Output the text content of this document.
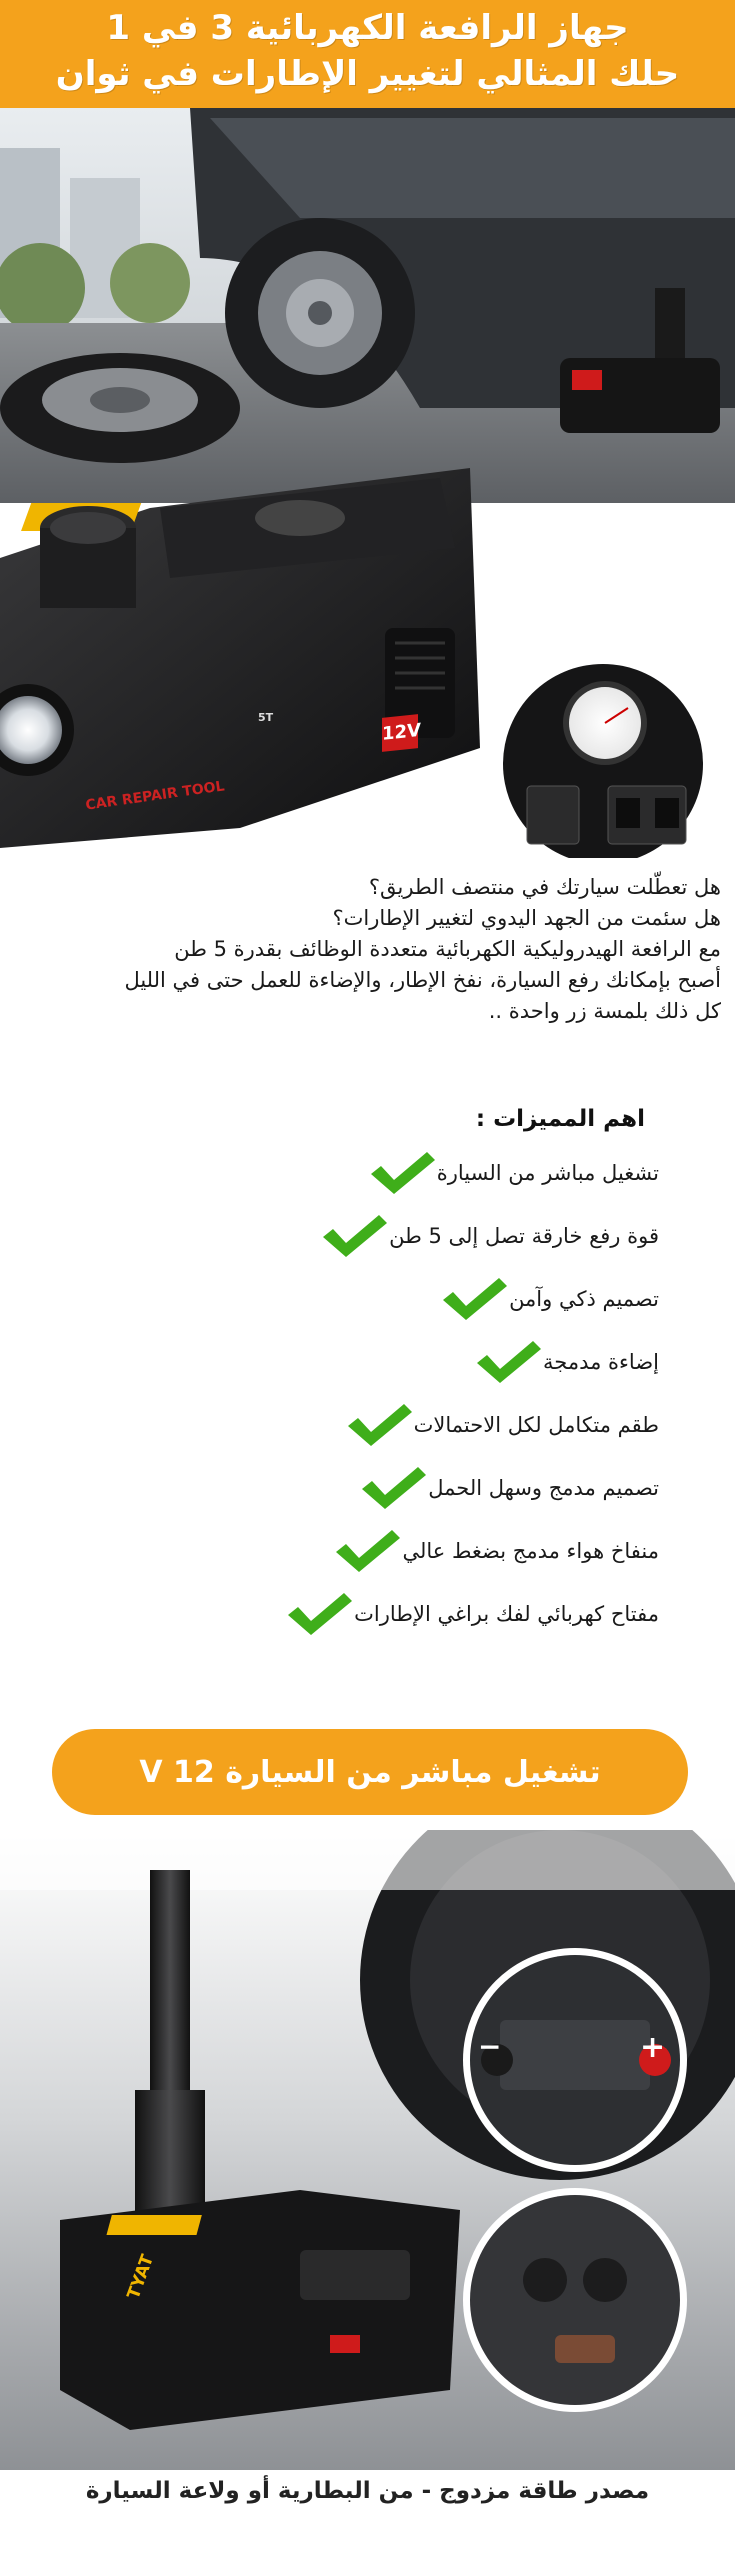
جهاز الرافعة الكهربائية 3 في 1
حلك المثالي لتغيير الإطارات في ثوان
12V
CAR REPAIR TOOL
5T

هل تعطّلت سيارتك في منتصف الطريق؟

هل سئمت من الجهد اليدوي لتغيير الإطارات؟

مع الرافعة الهيدروليكية الكهربائية متعددة الوظائف بقدرة 5 طن

أصبح بإمكانك رفع السيارة، نفخ الإطار، والإضاءة للعمل حتى في الليل

كل ذلك بلمسة زر واحدة ..

اهم المميزات :
تشغيل مباشر من السيارة
قوة رفع خارقة تصل إلى 5 طن
تصميم ذكي وآمن
إضاءة مدمجة
طقم متكامل لكل الاحتمالات
تصميم مدمج وسهل الحمل
منفاخ هواء مدمج بضغط عالي
مفتاح كهربائي لفك براغي الإطارات
تشغيل مباشر من السيارة 12 V
TYAT
−	+
مصدر طاقة مزدوج - من البطارية أو ولاعة السيارة
